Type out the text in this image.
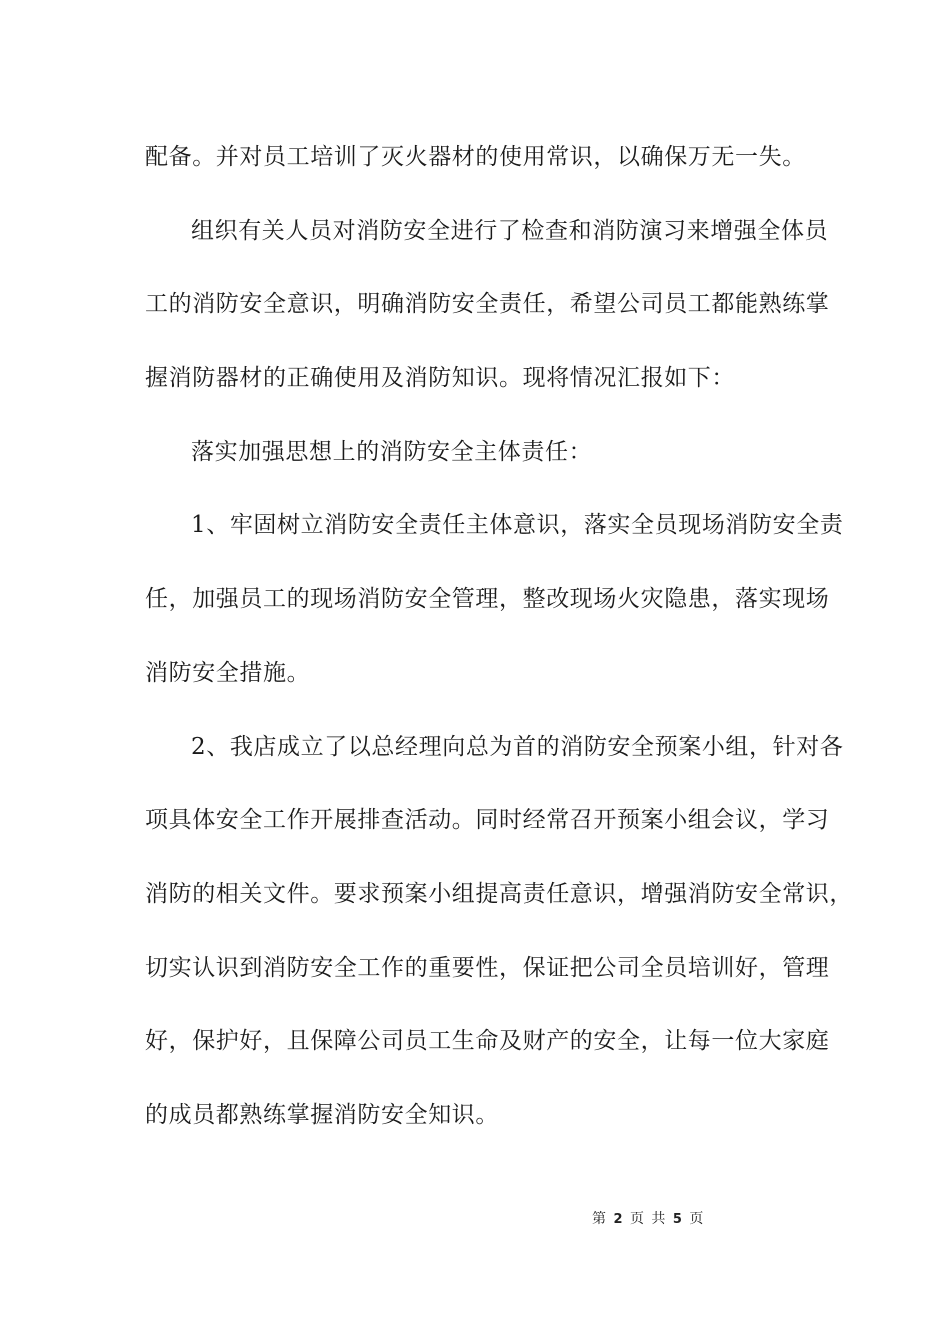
配备。并对员工培训了灭火器材的使用常识，以确保万无一失。
组织有关人员对消防安全进行了检查和消防演习来增强全体员
工的消防安全意识，明确消防安全责任，希望公司员工都能熟练掌
握消防器材的正确使用及消防知识。现将情况汇报如下：
落实加强思想上的消防安全主体责任：
1、牢固树立消防安全责任主体意识，落实全员现场消防安全责
任，加强员工的现场消防安全管理，整改现场火灾隐患，落实现场
消防安全措施。
2、我店成立了以总经理向总为首的消防安全预案小组，针对各
项具体安全工作开展排查活动。同时经常召开预案小组会议，学习
消防的相关文件。要求预案小组提高责任意识，增强消防安全常识，
切实认识到消防安全工作的重要性，保证把公司全员培训好，管理
好，保护好，且保障公司员工生命及财产的安全，让每一位大家庭
的成员都熟练掌握消防安全知识。
第 2 页 共 5 页
